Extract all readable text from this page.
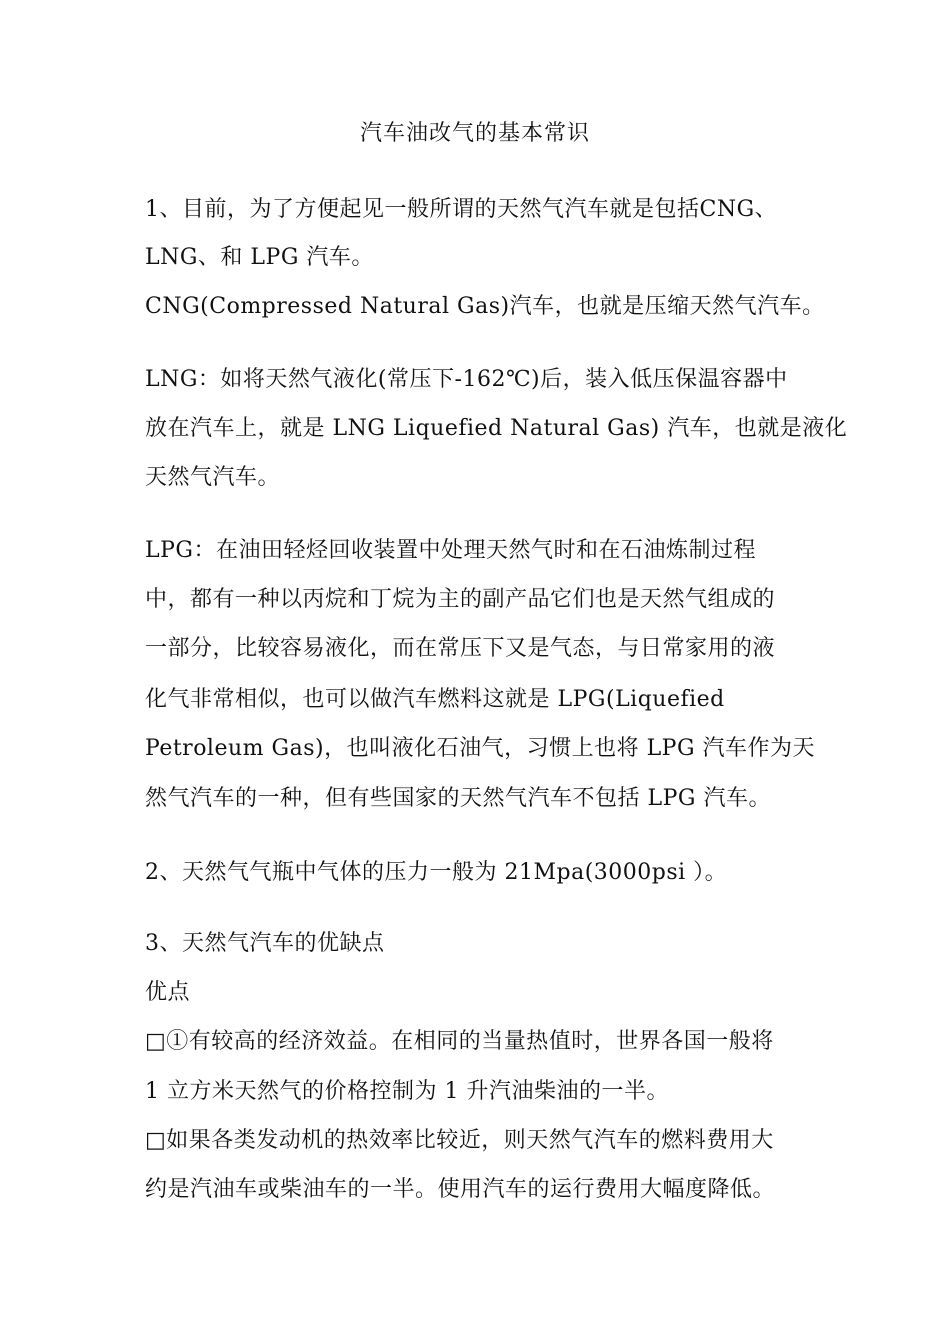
汽车油改气的基本常识
1、目前，为了方便起见一般所谓的天然气汽车就是包括CNG、
LNG、和 LPG 汽车。
CNG(Compressed Natural Gas)汽车，也就是压缩天然气汽车。
LNG：如将天然气液化(常压下-162℃)后，装入低压保温容器中
放在汽车上，就是 LNG Liquefied Natural Gas) 汽车，也就是液化
天然气汽车。
LPG：在油田轻烃回收装置中处理天然气时和在石油炼制过程
中，都有一种以丙烷和丁烷为主的副产品它们也是天然气组成的
一部分，比较容易液化，而在常压下又是气态，与日常家用的液
化气非常相似，也可以做汽车燃料这就是 LPG(Liquefied
Petroleum Gas)，也叫液化石油气，习惯上也将 LPG 汽车作为天
然气汽车的一种，但有些国家的天然气汽车不包括 LPG 汽车。
2、天然气气瓶中气体的压力一般为 21Mpa(3000psi ）。
3、天然气汽车的优缺点
优点
□①有较高的经济效益。在相同的当量热值时，世界各国一般将
1 立方米天然气的价格控制为 1 升汽油柴油的一半。
□如果各类发动机的热效率比较近，则天然气汽车的燃料费用大
约是汽油车或柴油车的一半。使用汽车的运行费用大幅度降低。
